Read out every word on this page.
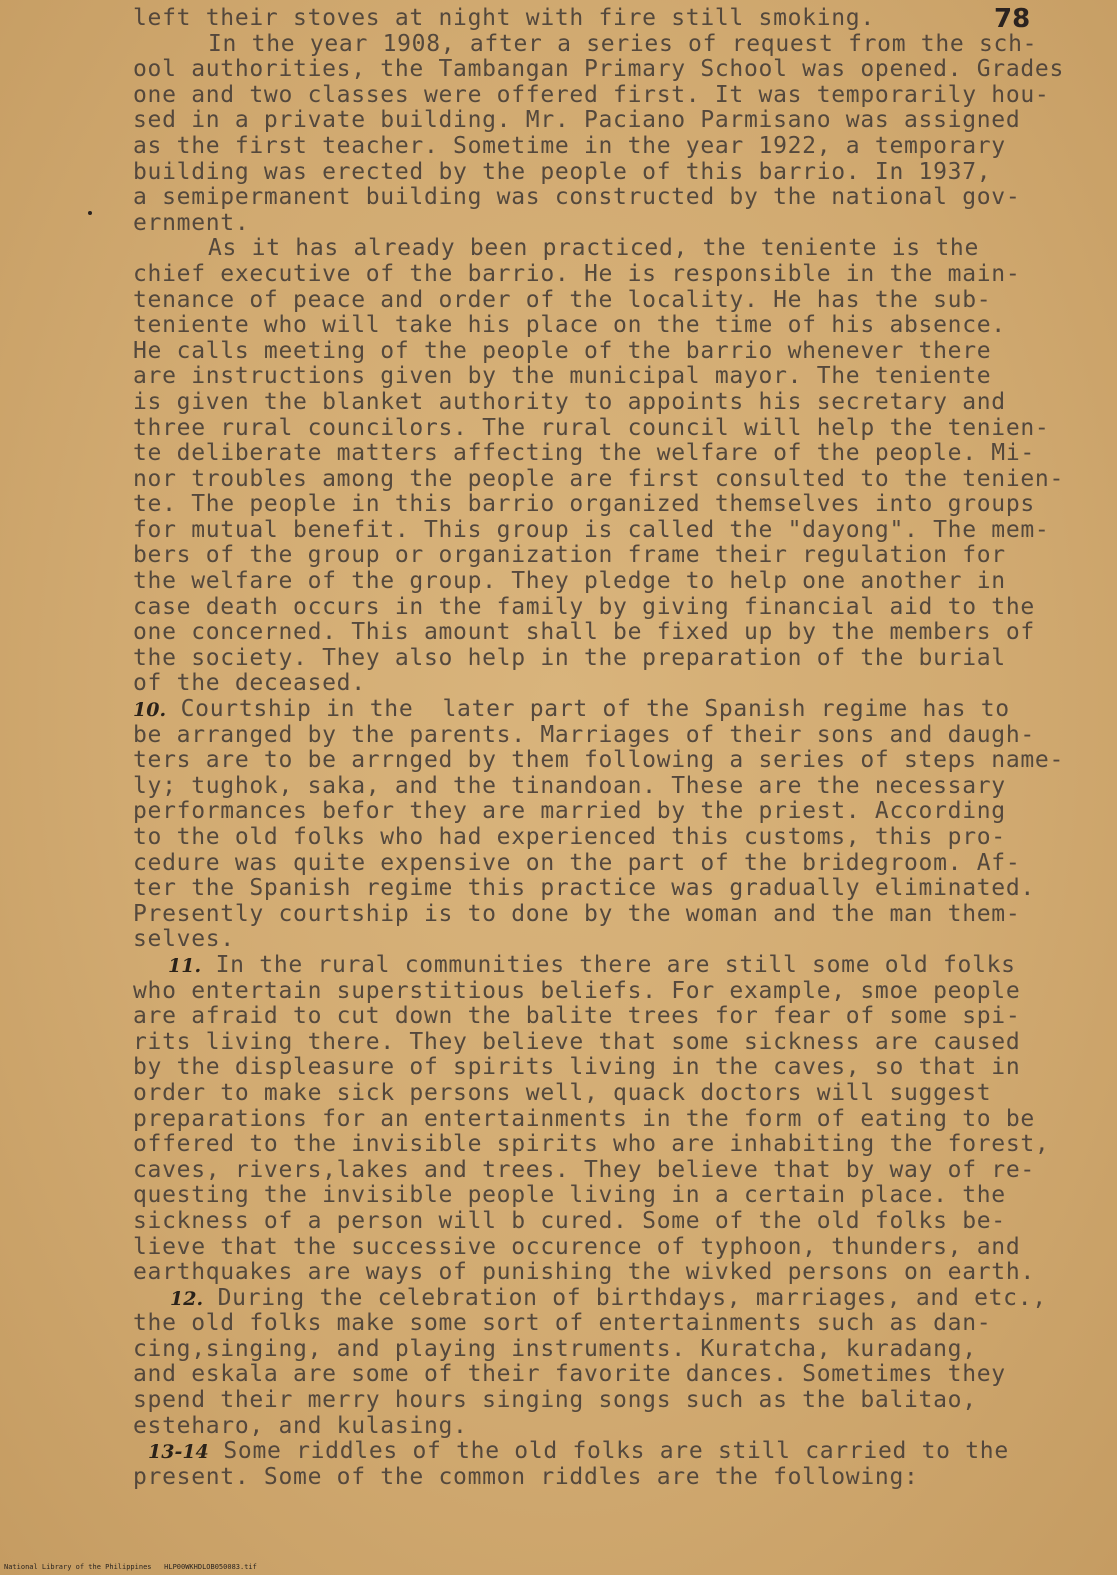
78
left their stoves at night with fire still smoking.
In the year 1908, after a series of request from the sch-
ool authorities, the Tambangan Primary School was opened. Grades
one and two classes were offered first. It was temporarily hou-
sed in a private building. Mr. Paciano Parmisano was assigned
as the first teacher. Sometime in the year 1922, a temporary
building was erected by the people of this barrio. In 1937,
a semipermanent building was constructed by the national gov-
ernment.
As it has already been practiced, the teniente is the
chief executive of the barrio. He is responsible in the main-
tenance of peace and order of the locality. He has the sub-
teniente who will take his place on the time of his absence.
He calls meeting of the people of the barrio whenever there
are instructions given by the municipal mayor. The teniente
is given the blanket authority to appoints his secretary and
three rural councilors. The rural council will help the tenien-
te deliberate matters affecting the welfare of the people. Mi-
nor troubles among the people are first consulted to the tenien-
te. The people in this barrio organized themselves into groups
for mutual benefit. This group is called the "dayong". The mem-
bers of the group or organization frame their regulation for
the welfare of the group. They pledge to help one another in
case death occurs in the family by giving financial aid to the
one concerned. This amount shall be fixed up by the members of
the society. They also help in the preparation of the burial
of the deceased.
10. Courtship in the  later part of the Spanish regime has to
be arranged by the parents. Marriages of their sons and daugh-
ters are to be arrnged by them following a series of steps name-
ly; tughok, saka, and the tinandoan. These are the necessary
performances befor they are married by the priest. According
to the old folks who had experienced this customs, this pro-
cedure was quite expensive on the part of the bridegroom. Af-
ter the Spanish regime this practice was gradually eliminated.
Presently courtship is to done by the woman and the man them-
selves.
11. In the rural communities there are still some old folks
who entertain superstitious beliefs. For example, smoe people
are afraid to cut down the balite trees for fear of some spi-
rits living there. They believe that some sickness are caused
by the displeasure of spirits living in the caves, so that in
order to make sick persons well, quack doctors will suggest
preparations for an entertainments in the form of eating to be
offered to the invisible spirits who are inhabiting the forest,
caves, rivers,lakes and trees. They believe that by way of re-
questing the invisible people living in a certain place. the
sickness of a person will b cured. Some of the old folks be-
lieve that the successive occurence of typhoon, thunders, and
earthquakes are ways of punishing the wivked persons on earth.
12. During the celebration of birthdays, marriages, and etc.,
the old folks make some sort of entertainments such as dan-
cing,singing, and playing instruments. Kuratcha, kuradang,
and eskala are some of their favorite dances. Sometimes they
spend their merry hours singing songs such as the balitao,
esteharo, and kulasing.
13-14 Some riddles of the old folks are still carried to the
present. Some of the common riddles are the following:
National Library of the Philippines   HLP00WKHDLOB050083.tif
